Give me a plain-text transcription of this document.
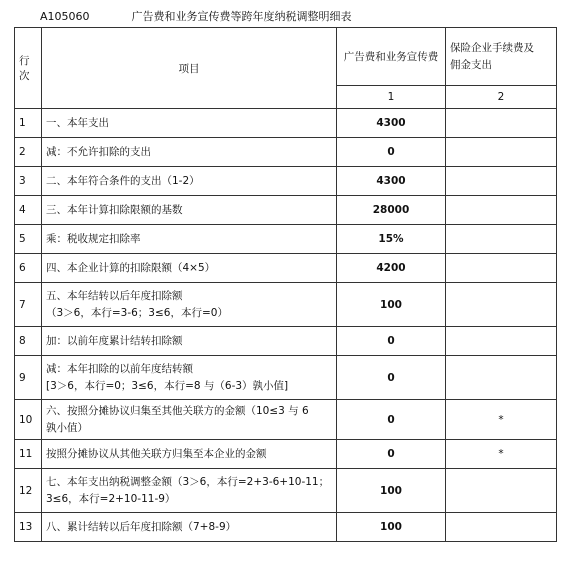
A105060	广告费和业务宣传费等跨年度纳税调整明细表
行次	项目	广告费和业务宣传费	保险企业手续费及
佣金支出

		1	2
1	一、本年支出	4300	
2	减：不允许扣除的支出	0	
3	二、本年符合条件的支出（1-2）	4300	
4	三、本年计算扣除限额的基数	28000	
5	乘：税收规定扣除率	15%	
6	四、本企业计算的扣除限额（4×5）	4200	
7	五、本年结转以后年度扣除额
（3＞6，本行=3-6；3≤6，本行=0）	100	
8	加：以前年度累计结转扣除额	0	
9	减：本年扣除的以前年度结转额
[3＞6，本行=0；3≤6，本行=8 与（6-3）孰小值]	0	
10	六、按照分摊协议归集至其他关联方的金额（10≤3 与 6
孰小值）	0	*
11	按照分摊协议从其他关联方归集至本企业的金额	0	*
12	七、本年支出纳税调整金额（3＞6，本行=2+3-6+10-11；
3≤6，本行=2+10-11-9）	100	
13	八、累计结转以后年度扣除额（7+8-9）	100	
